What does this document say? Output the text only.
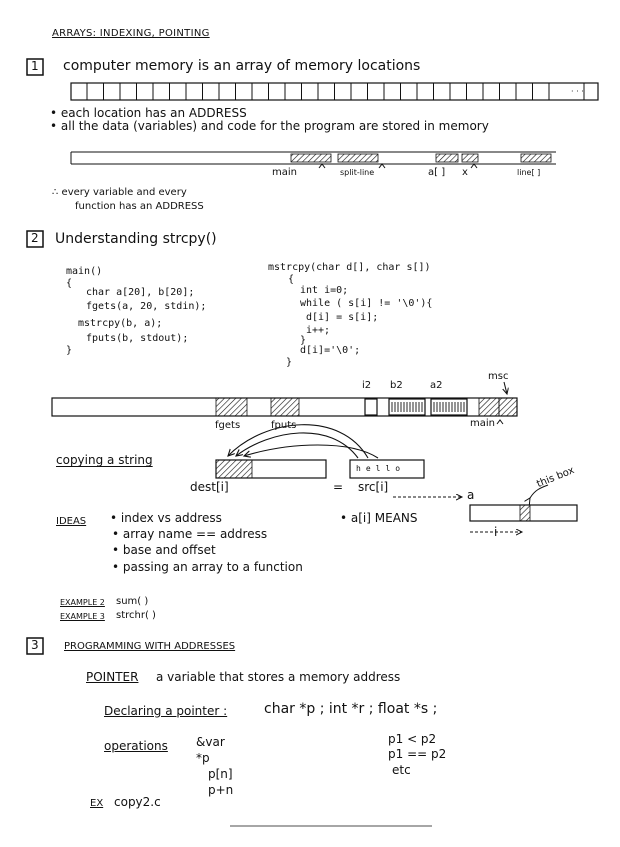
ARRAYS: INDEXING, POINTING
1 computer memory is an array of memory locations
· · ·
• each location has an ADDRESS
• all the data (variables) and code for the program are stored in memory
main	split-line	a[ ] x	line[ ]
· · ·
∴ every variable and every
function has an ADDRESS
2 Understanding strcpy()
main()
{
char a[20], b[20];
fgets(a, 20, stdin);
mstrcpy(b, a);
fputs(b, stdout);
}
mstrcpy(char d[], char s[])
{
int i=0;
while ( s[i] != '\0'){
d[i] = s[i];
i++;
}
d[i]='\0';
}
i2 b2	a2
msc
fgets	fputs	main
copying a string
hello
dest[i]	= src[i]
IDEAS • index vs address
• array name == address
• base and offset
• passing an array to a function
• a[i] MEANS
a
i
this box
EXAMPLE 2 sum( )
EXAMPLE 3 strchr( )
3	PROGRAMMING WITH ADDRESSES
POINTER a variable that stores a memory address
Declaring a pointer :	char *p ; int *r ; float *s ;
operations &var
*p
p[n]
p+n
p1 < p2
p1 == p2
etc
EX copy2.c
